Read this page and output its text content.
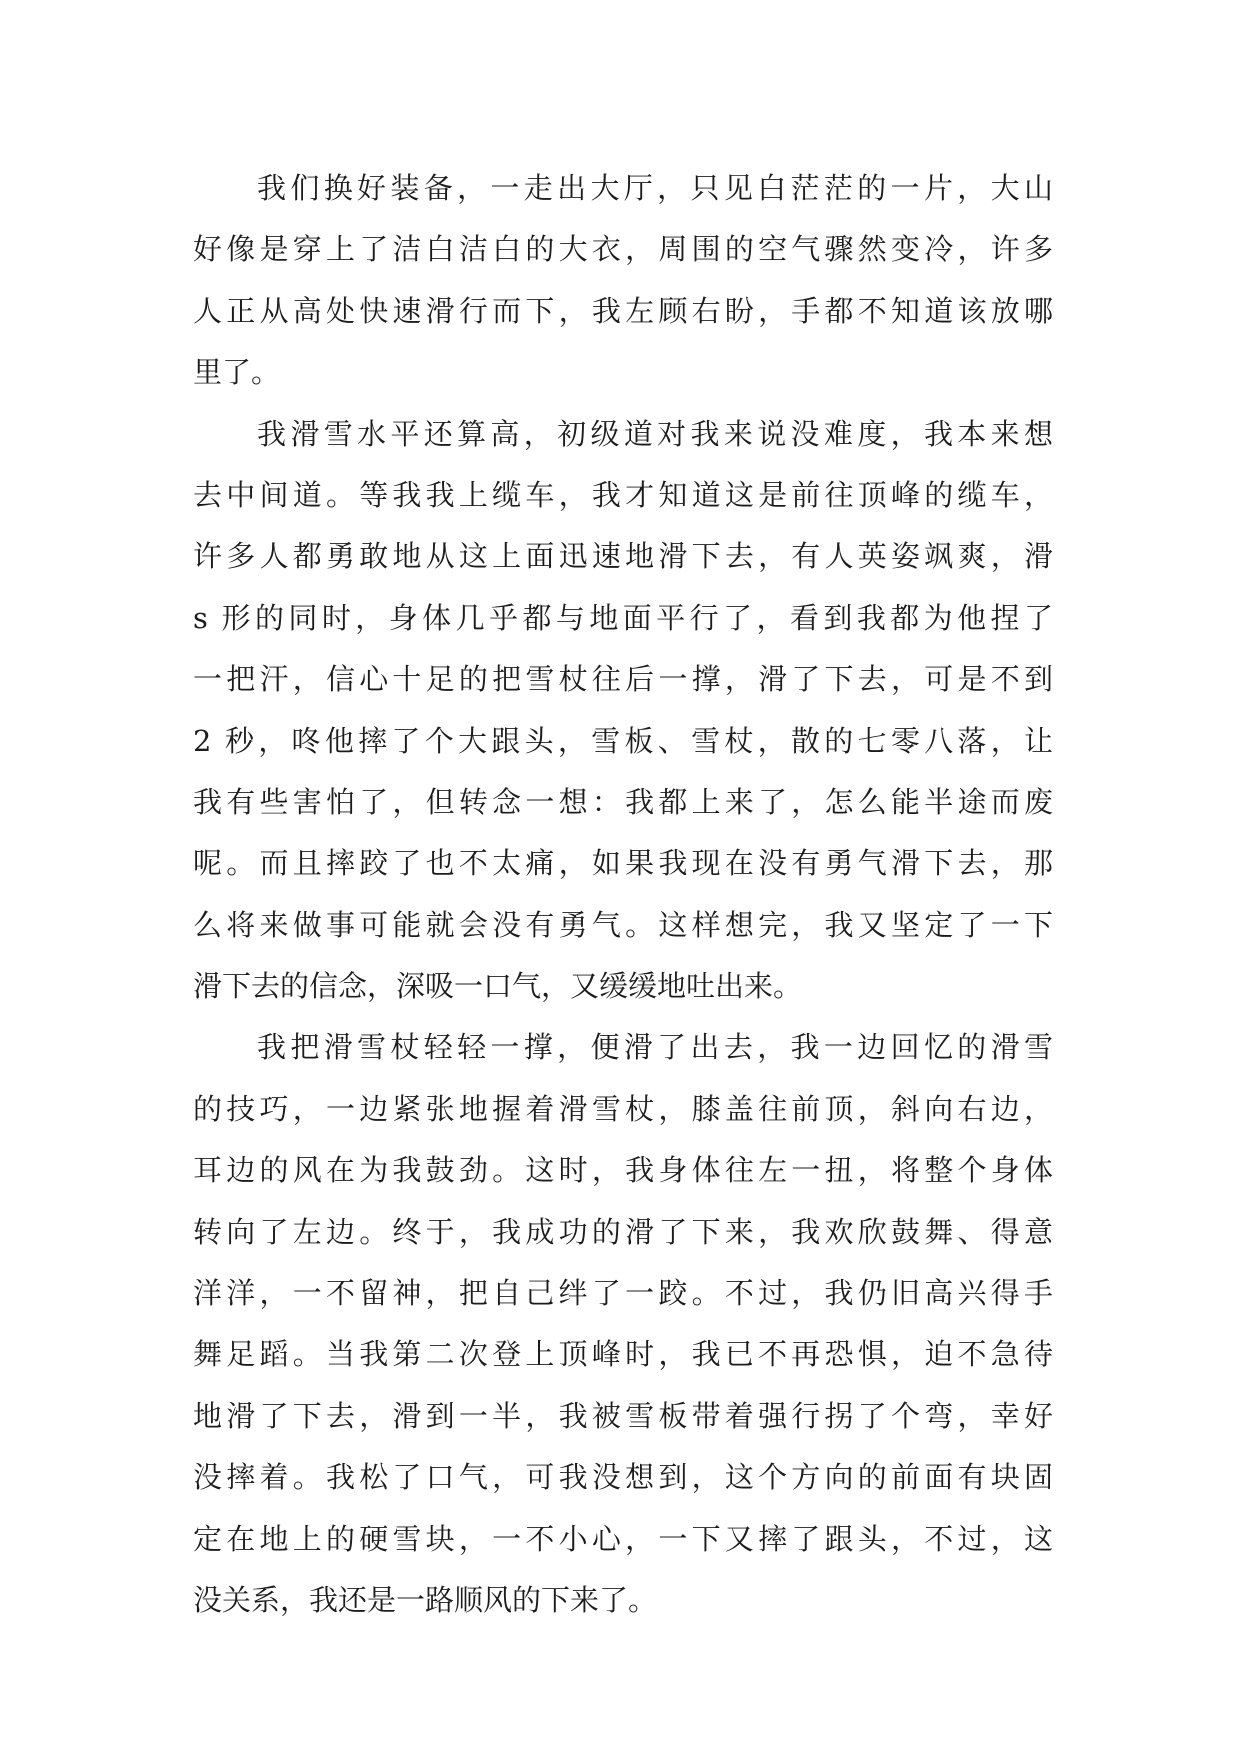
我们换好装备，一走出大厅，只见白茫茫的一片，大山
好像是穿上了洁白洁白的大衣，周围的空气骤然变冷，许多
人正从高处快速滑行而下，我左顾右盼，手都不知道该放哪
里了。
我滑雪水平还算高，初级道对我来说没难度，我本来想
去中间道。等我我上缆车，我才知道这是前往顶峰的缆车，
许多人都勇敢地从这上面迅速地滑下去，有人英姿飒爽，滑
s 形的同时，身体几乎都与地面平行了，看到我都为他捏了
一把汗，信心十足的把雪杖往后一撑，滑了下去，可是不到
2 秒，咚他摔了个大跟头，雪板、雪杖，散的七零八落，让
我有些害怕了，但转念一想：我都上来了，怎么能半途而废
呢。而且摔跤了也不太痛，如果我现在没有勇气滑下去，那
么将来做事可能就会没有勇气。这样想完，我又坚定了一下
滑下去的信念，深吸一口气，又缓缓地吐出来。
我把滑雪杖轻轻一撑，便滑了出去，我一边回忆的滑雪
的技巧，一边紧张地握着滑雪杖，膝盖往前顶，斜向右边，
耳边的风在为我鼓劲。这时，我身体往左一扭，将整个身体
转向了左边。终于，我成功的滑了下来，我欢欣鼓舞、得意
洋洋，一不留神，把自己绊了一跤。不过，我仍旧高兴得手
舞足蹈。当我第二次登上顶峰时，我已不再恐惧，迫不急待
地滑了下去，滑到一半，我被雪板带着强行拐了个弯，幸好
没摔着。我松了口气，可我没想到，这个方向的前面有块固
定在地上的硬雪块，一不小心，一下又摔了跟头，不过，这
没关系，我还是一路顺风的下来了。
